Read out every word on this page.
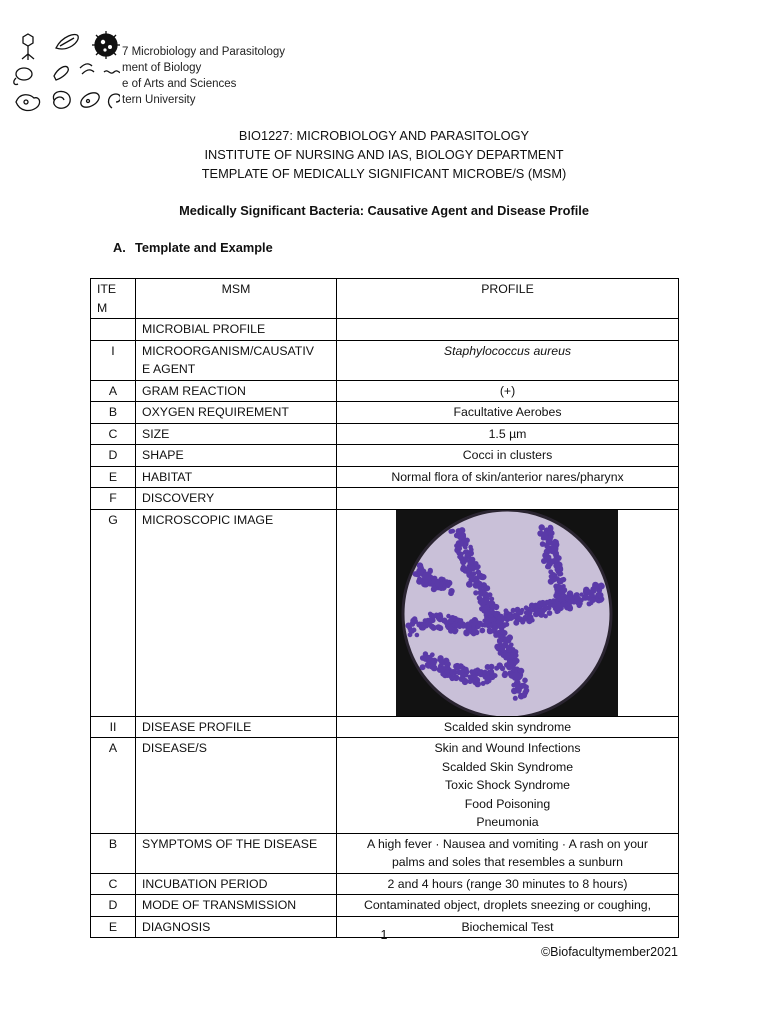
7 Microbiology and Parasitology
ment of Biology
e of Arts and Sciences
tern University
BIO1227: MICROBIOLOGY AND PARASITOLOGY
INSTITUTE OF NURSING AND IAS, BIOLOGY DEPARTMENT
TEMPLATE OF MEDICALLY SIGNIFICANT MICROBE/S (MSM)
Medically Significant Bacteria: Causative Agent and Disease Profile
A. Template and Example
ITE
M	MSM	PROFILE
	MICROBIAL PROFILE	
I	MICROORGANISM/CAUSATIV
E AGENT	Staphylococcus aureus
A	GRAM REACTION	(+)
B	OXYGEN REQUIREMENT	Facultative Aerobes
C	SIZE	1.5 µm
D	SHAPE	Cocci in clusters
E	HABITAT	Normal flora of skin/anterior nares/pharynx
F	DISCOVERY	
G	MICROSCOPIC IMAGE	

II	DISEASE PROFILE	Scalded skin syndrome
A	DISEASE/S	Skin and Wound Infections
Scalded Skin Syndrome
Toxic Shock Syndrome
Food Poisoning
Pneumonia

B	SYMPTOMS OF THE DISEASE	A high fever · Nausea and vomiting · A rash on your
palms and soles that resembles a sunburn

C	INCUBATION PERIOD	2 and 4 hours (range 30 minutes to 8 hours)
D	MODE OF TRANSMISSION	Contaminated object, droplets sneezing or coughing,
E	DIAGNOSIS	Biochemical Test
1
©Biofacultymember2021
